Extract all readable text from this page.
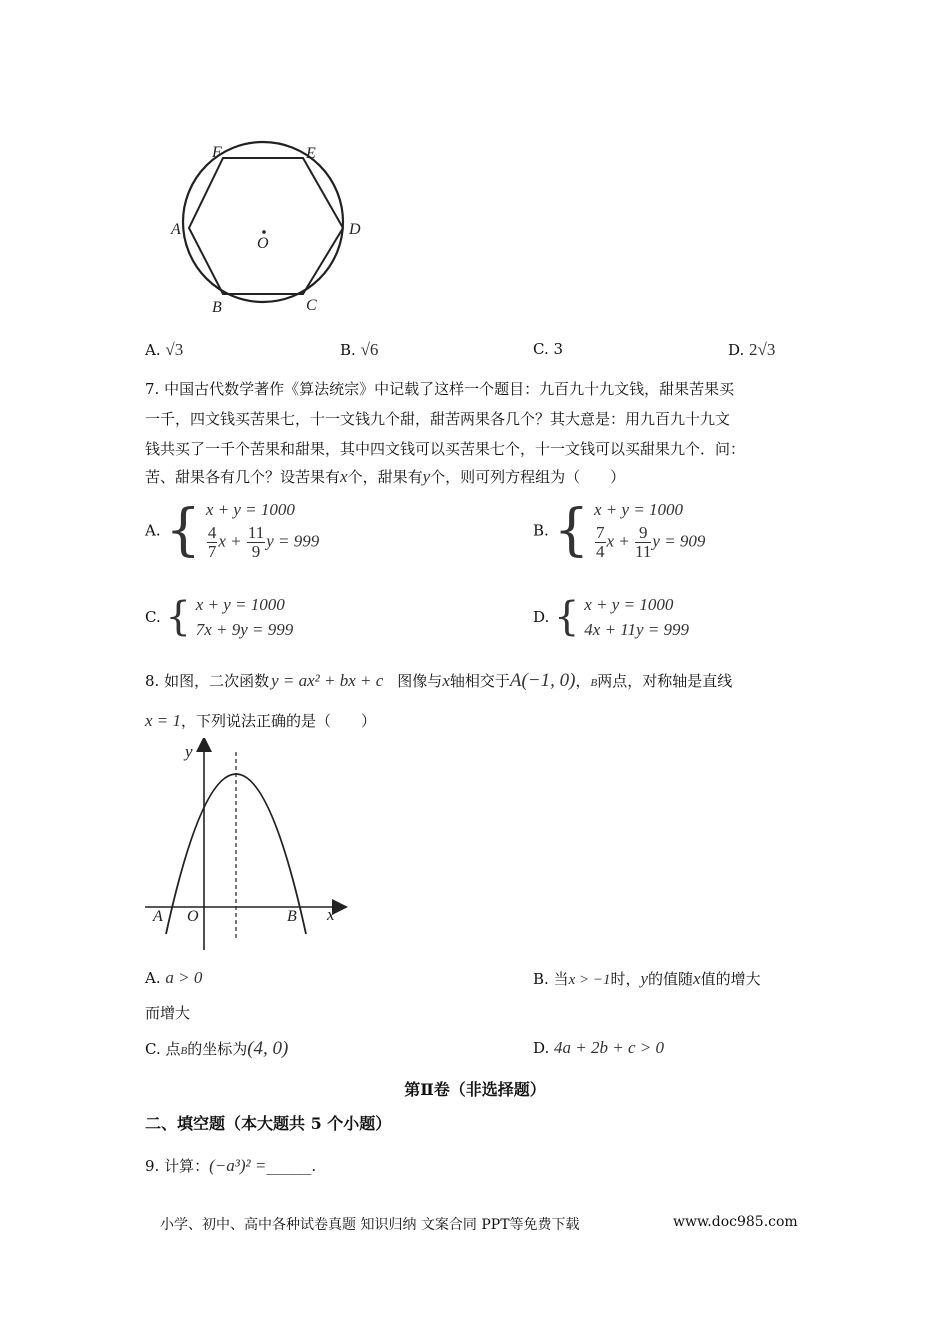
F	E
A	D
O
B	C
A. √3	B. √6	C. 3	D. 2√3
7. 中国古代数学著作《算法统宗》中记载了这样一个题目：九百九十九文钱，甜果苦果买
一千，四文钱买苦果七，十一文钱九个甜，甜苦两果各几个？其大意是：用九百九十九文
钱共买了一千个苦果和甜果，其中四文钱可以买苦果七个，十一文钱可以买甜果九个．问：
苦、甜果各有几个？设苦果有x个，甜果有y个，则可列方程组为（　　）
A. { x + y = 1000
$\frac{4}{7}$ $x + \frac{11}{9}$ y = 999
B. { x + y = 1000
$\frac{7}{4}$ $x + \frac{9}{11}$ y = 909
C. { x + y = 1000
7x + 9y = 999
D. { x + y = 1000
4x + 11y = 999
8. 如图，二次函数 y = ax² + bx + c 图像与x轴相交于A(−1, 0)，B两点，对称轴是直线
x = 1，下列说法正确的是（　　）
y
x
A O	B
A. a > 0	B. 当x > −1时，y的值随x值的增大
而增大
C. 点B的坐标为(4, 0)	D. 4a + 2b + c > 0
第Ⅱ卷（非选择题）
二、填空题（本大题共 5 个小题）
9. 计算：(−a³)² =______.
小学、初中、高中各种试卷真题 知识归纳 文案合同 PPT等免费下载	www.doc985.com
